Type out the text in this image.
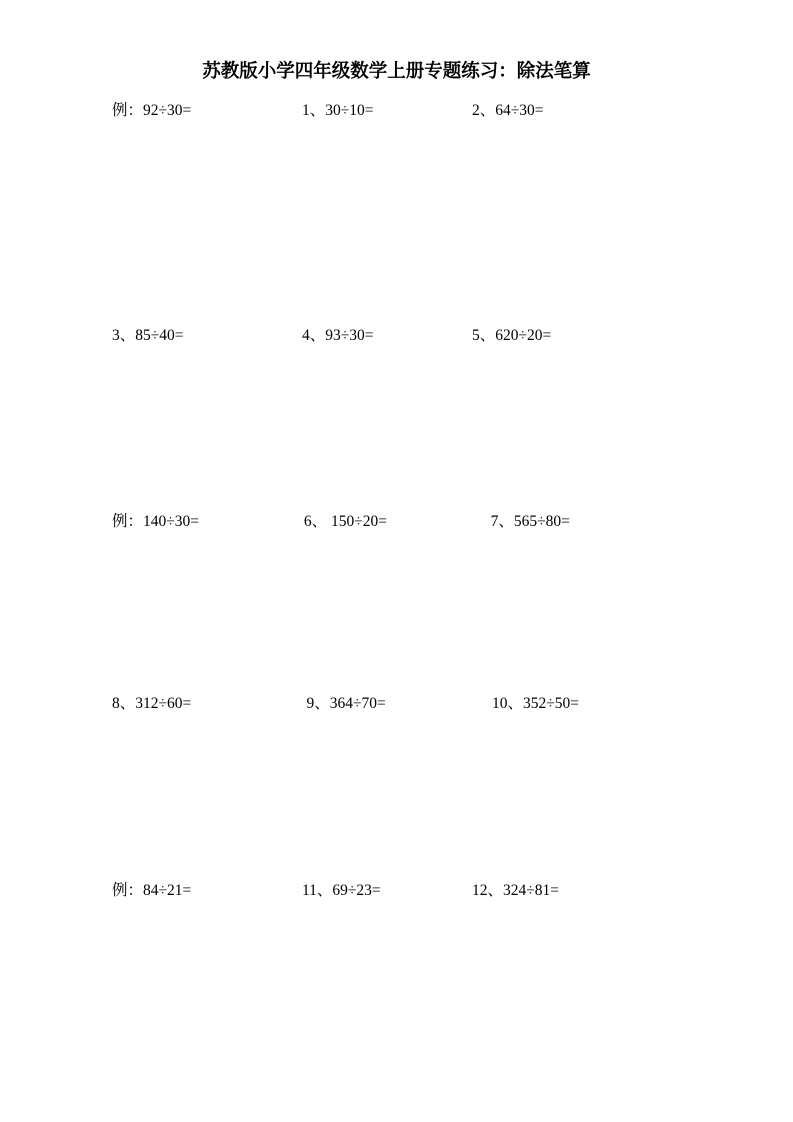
苏教版小学四年级数学上册专题练习：除法笔算
例：92÷30=	1、30÷10=	2、64÷30=
3、85÷40=	4、93÷30=	5、620÷20=
例：140÷30=	6、 150÷20=	7、565÷80=
8、312÷60=	9、364÷70=	10、352÷50=
例：84÷21=	11、69÷23=	12、324÷81=
